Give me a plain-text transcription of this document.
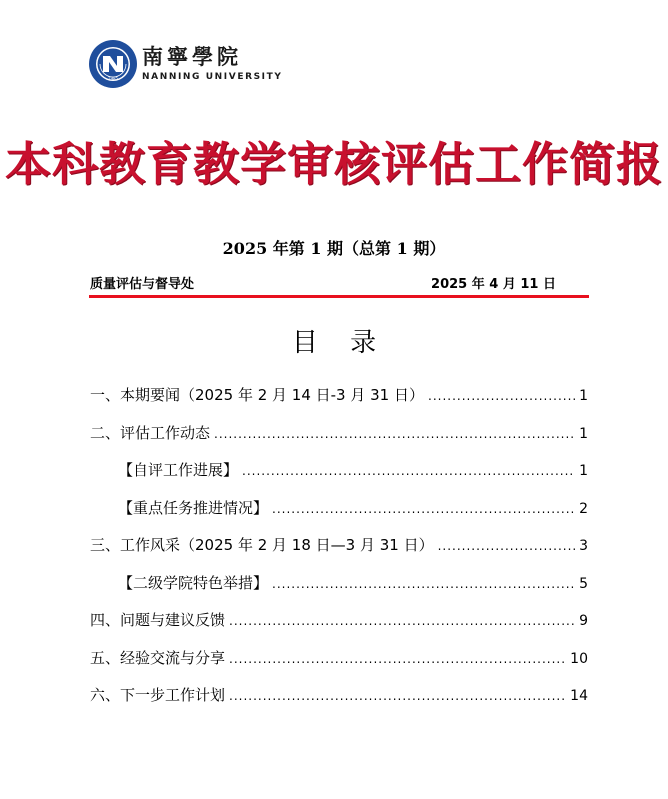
1985
南寧學院
NANNING UNIVERSITY
本科教育教学审核评估工作简报
2025 年第 1 期（总第 1 期）
质量评估与督导处	2025 年 4 月 11 日
目 录
一、本期要闻（2025 年 2 月 14 日-3 月 31 日） .....	1
二、评估工作动态 .....	1
【自评工作进展】 .....	1
【重点任务推进情况】 .....	2
三、工作风采（2025 年 2 月 18 日—3 月 31 日） .....	3
【二级学院特色举措】 .....	5
四、问题与建议反馈 .....	9
五、经验交流与分享 .....	10
六、下一步工作计划 .....	14
